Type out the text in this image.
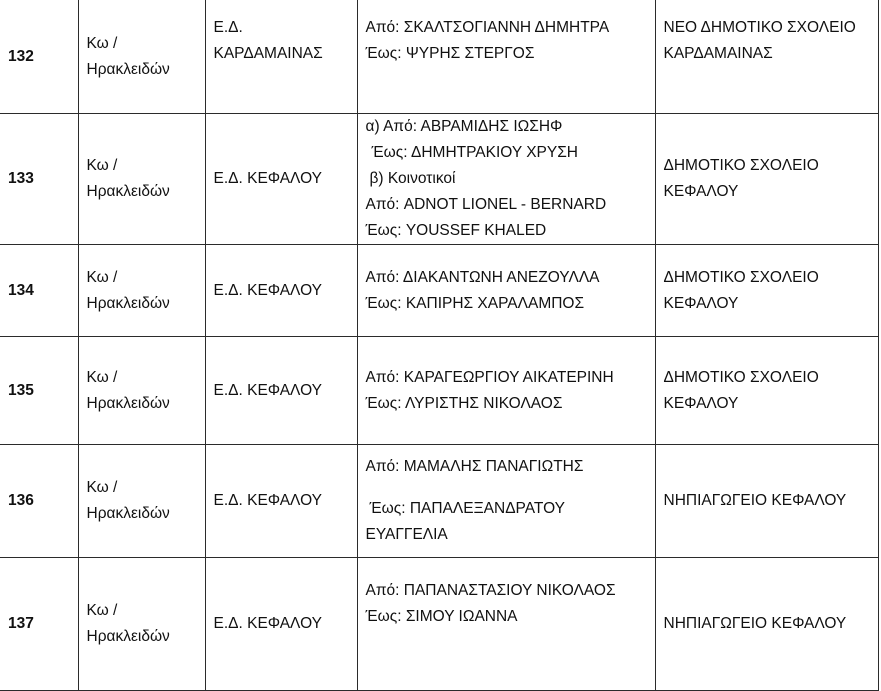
132	Κω /
Ηρακλειδών	Ε.Δ.
ΚΑΡΔΑΜΑΙΝΑΣ	Από: ΣΚΑΛΤΣΟΓΙΑΝΝΗ ΔΗΜΗΤΡΑ
Έως: ΨΥΡΗΣ ΣΤΕΡΓΟΣ	ΝΕΟ ΔΗΜΟΤΙΚΟ ΣΧΟΛΕΙΟ
ΚΑΡΔΑΜΑΙΝΑΣ

133	Κω /
Ηρακλειδών	Ε.Δ. ΚΕΦΑΛΟΥ	α) Από: ΑΒΡΑΜΙΔΗΣ ΙΩΣΗΦ
Έως: ΔΗΜΗΤΡΑΚΙΟΥ ΧΡΥΣΗ
β) Κοινοτικοί
Από: ADNOT LIONEL - BERNARD
Έως: YOUSSEF KHALED	ΔΗΜΟΤΙΚΟ ΣΧΟΛΕΙΟ
ΚΕΦΑΛΟΥ

134	Κω /
Ηρακλειδών	Ε.Δ. ΚΕΦΑΛΟΥ	Από: ΔΙΑΚΑΝΤΩΝΗ ΑΝΕΖΟΥΛΛΑ
Έως: ΚΑΠΙΡΗΣ ΧΑΡΑΛΑΜΠΟΣ	ΔΗΜΟΤΙΚΟ ΣΧΟΛΕΙΟ
ΚΕΦΑΛΟΥ

135	Κω /
Ηρακλειδών	Ε.Δ. ΚΕΦΑΛΟΥ	Από: ΚΑΡΑΓΕΩΡΓΙΟΥ ΑΙΚΑΤΕΡΙΝΗ
Έως: ΛΥΡΙΣΤΗΣ ΝΙΚΟΛΑΟΣ	ΔΗΜΟΤΙΚΟ ΣΧΟΛΕΙΟ
ΚΕΦΑΛΟΥ

136	Κω /
Ηρακλειδών	Ε.Δ. ΚΕΦΑΛΟΥ	Από: ΜΑΜΑΛΗΣ ΠΑΝΑΓΙΩΤΗΣ
Έως: ΠΑΠΑΛΕΞΑΝΔΡΑΤΟΥ
ΕΥΑΓΓΕΛΙΑ	ΝΗΠΙΑΓΩΓΕΙΟ ΚΕΦΑΛΟΥ

137	Κω /
Ηρακλειδών	Ε.Δ. ΚΕΦΑΛΟΥ	Από: ΠΑΠΑΝΑΣΤΑΣΙΟΥ ΝΙΚΟΛΑΟΣ
Έως: ΣΙΜΟΥ ΙΩΑΝΝΑ	ΝΗΠΙΑΓΩΓΕΙΟ ΚΕΦΑΛΟΥ
